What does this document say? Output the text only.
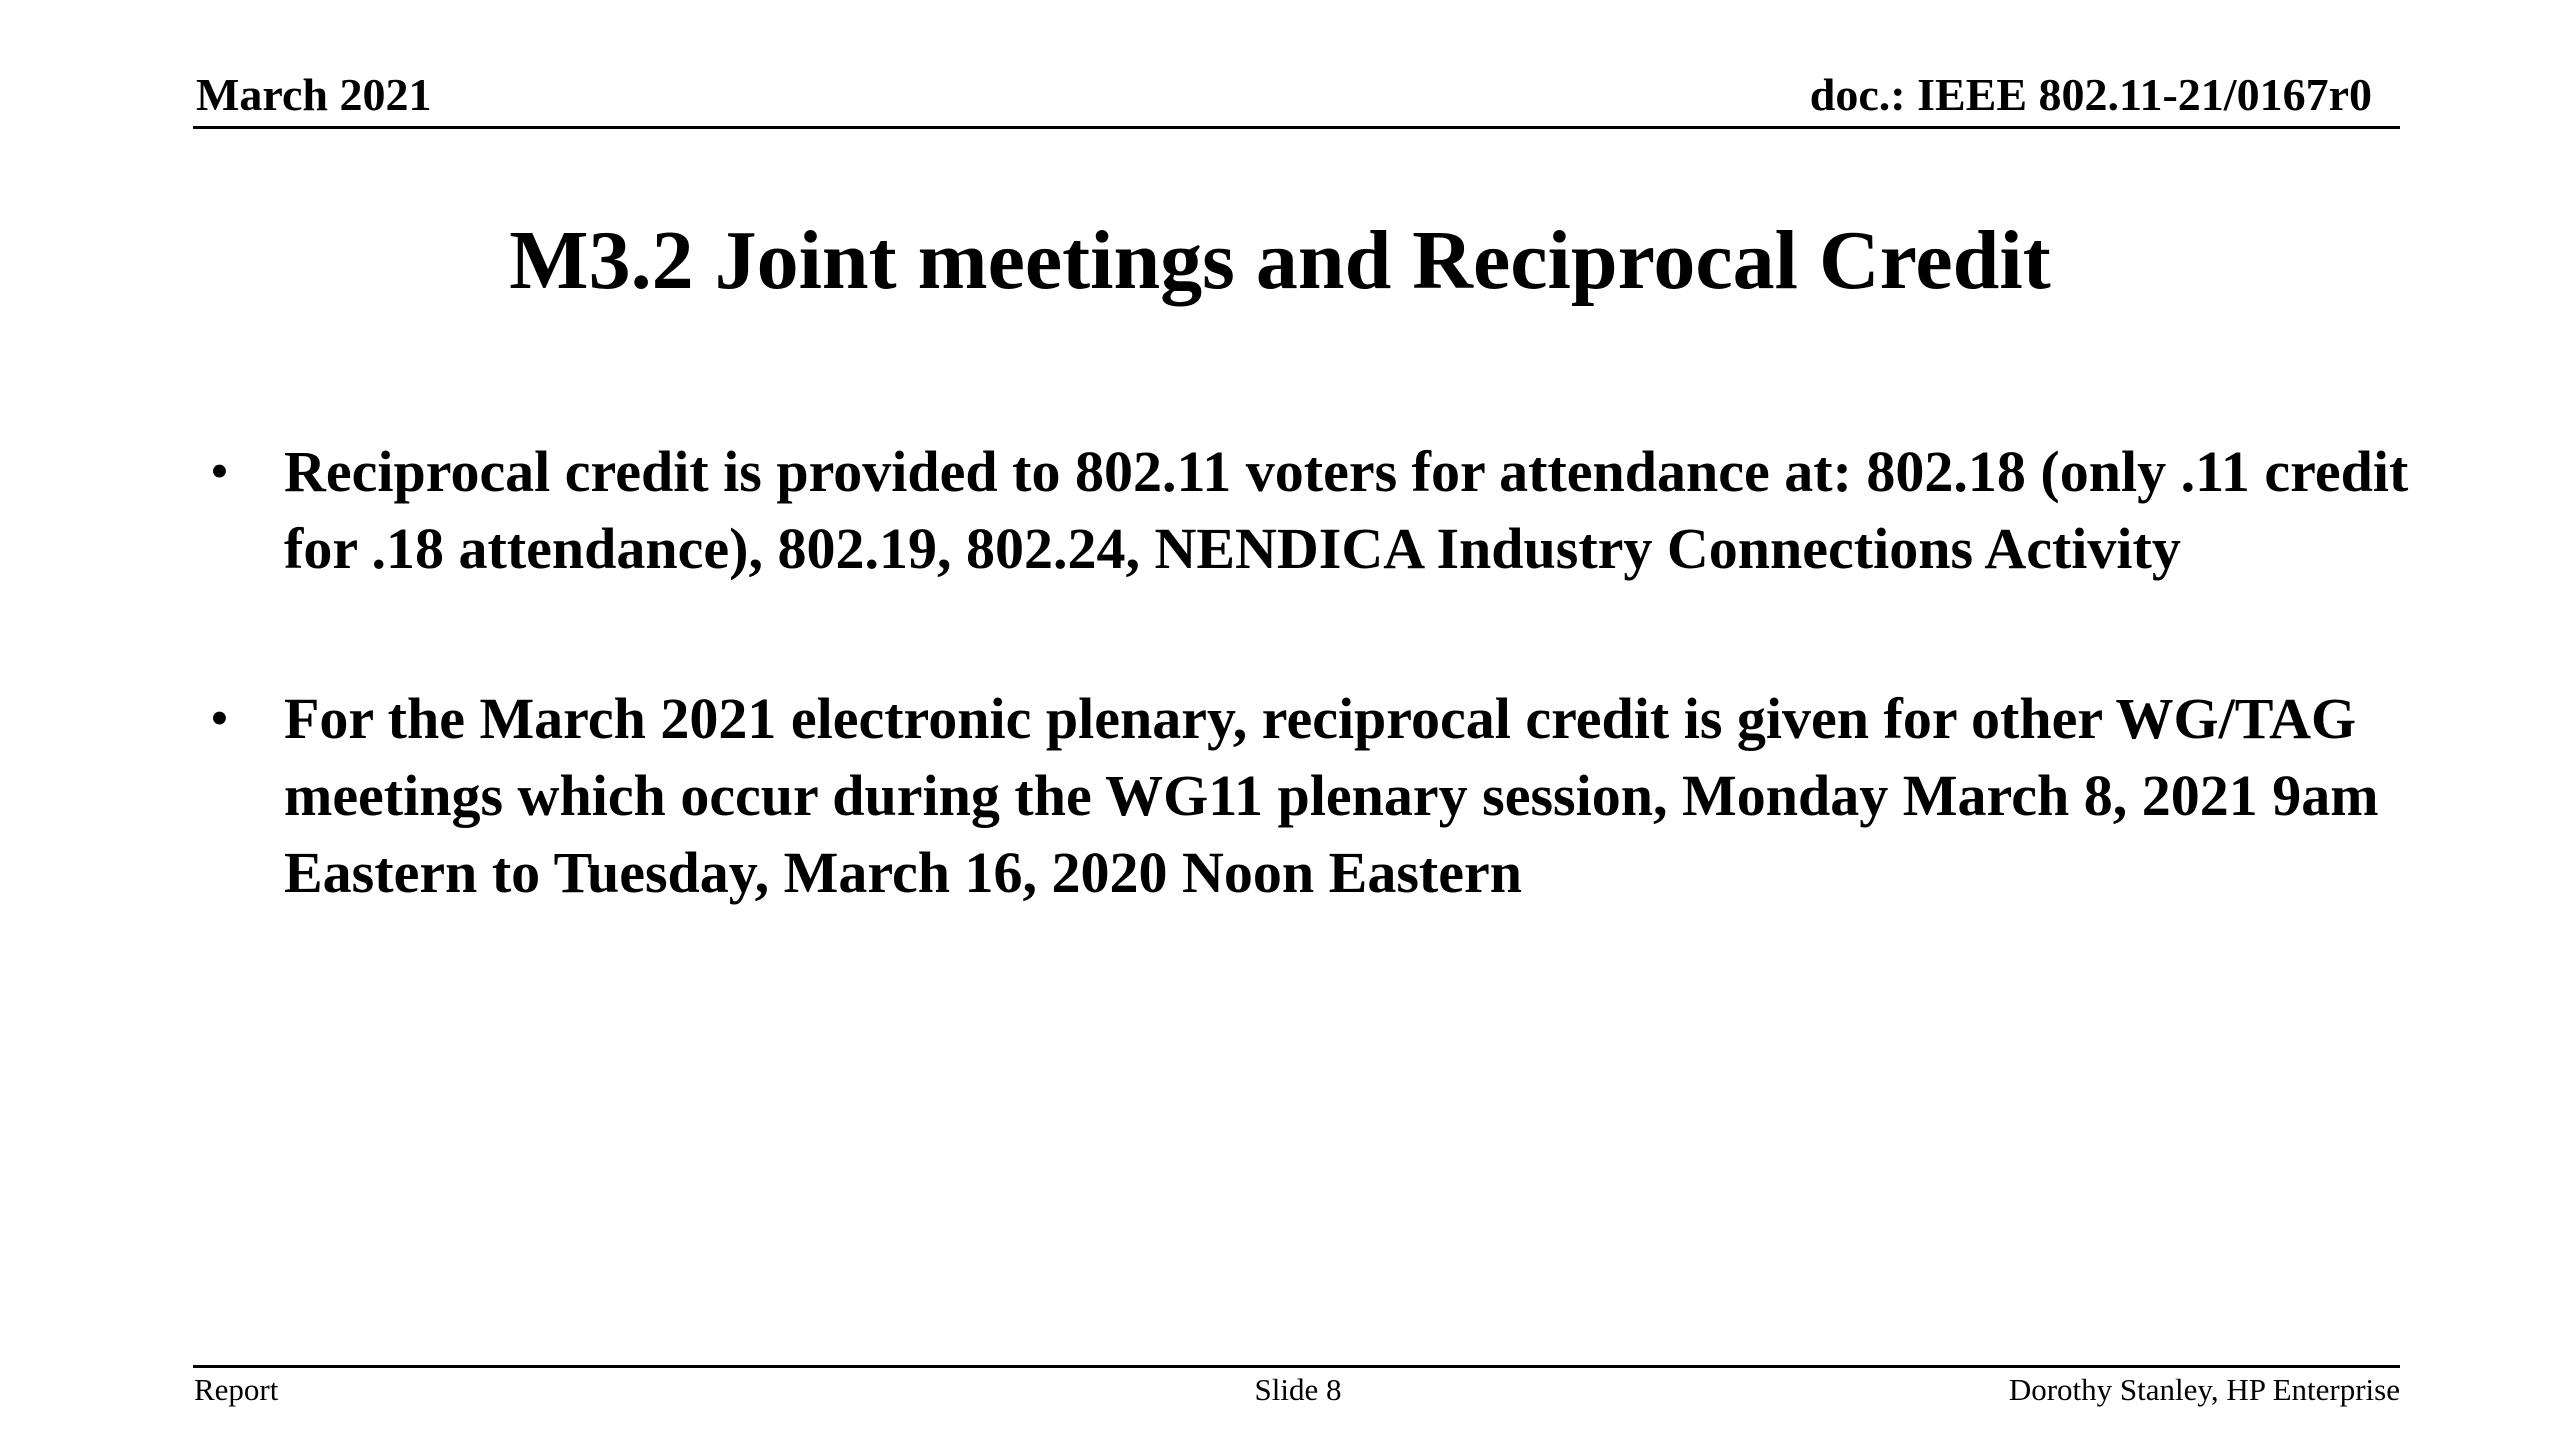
March 2021	doc.: IEEE 802.11-21/0167r0
M3.2 Joint meetings and Reciprocal Credit
• Reciprocal credit is provided to 802.11 voters for attendance at: 802.18 (only .11 credit for .18 attendance), 802.19, 802.24, NENDICA Industry Connections Activity
• For the March 2021 electronic plenary, reciprocal credit is given for other WG/TAG meetings which occur during the WG11 plenary session, Monday March 8, 2021 9am Eastern to Tuesday, March 16, 2020 Noon Eastern
Report	Slide 8	Dorothy Stanley, HP Enterprise
